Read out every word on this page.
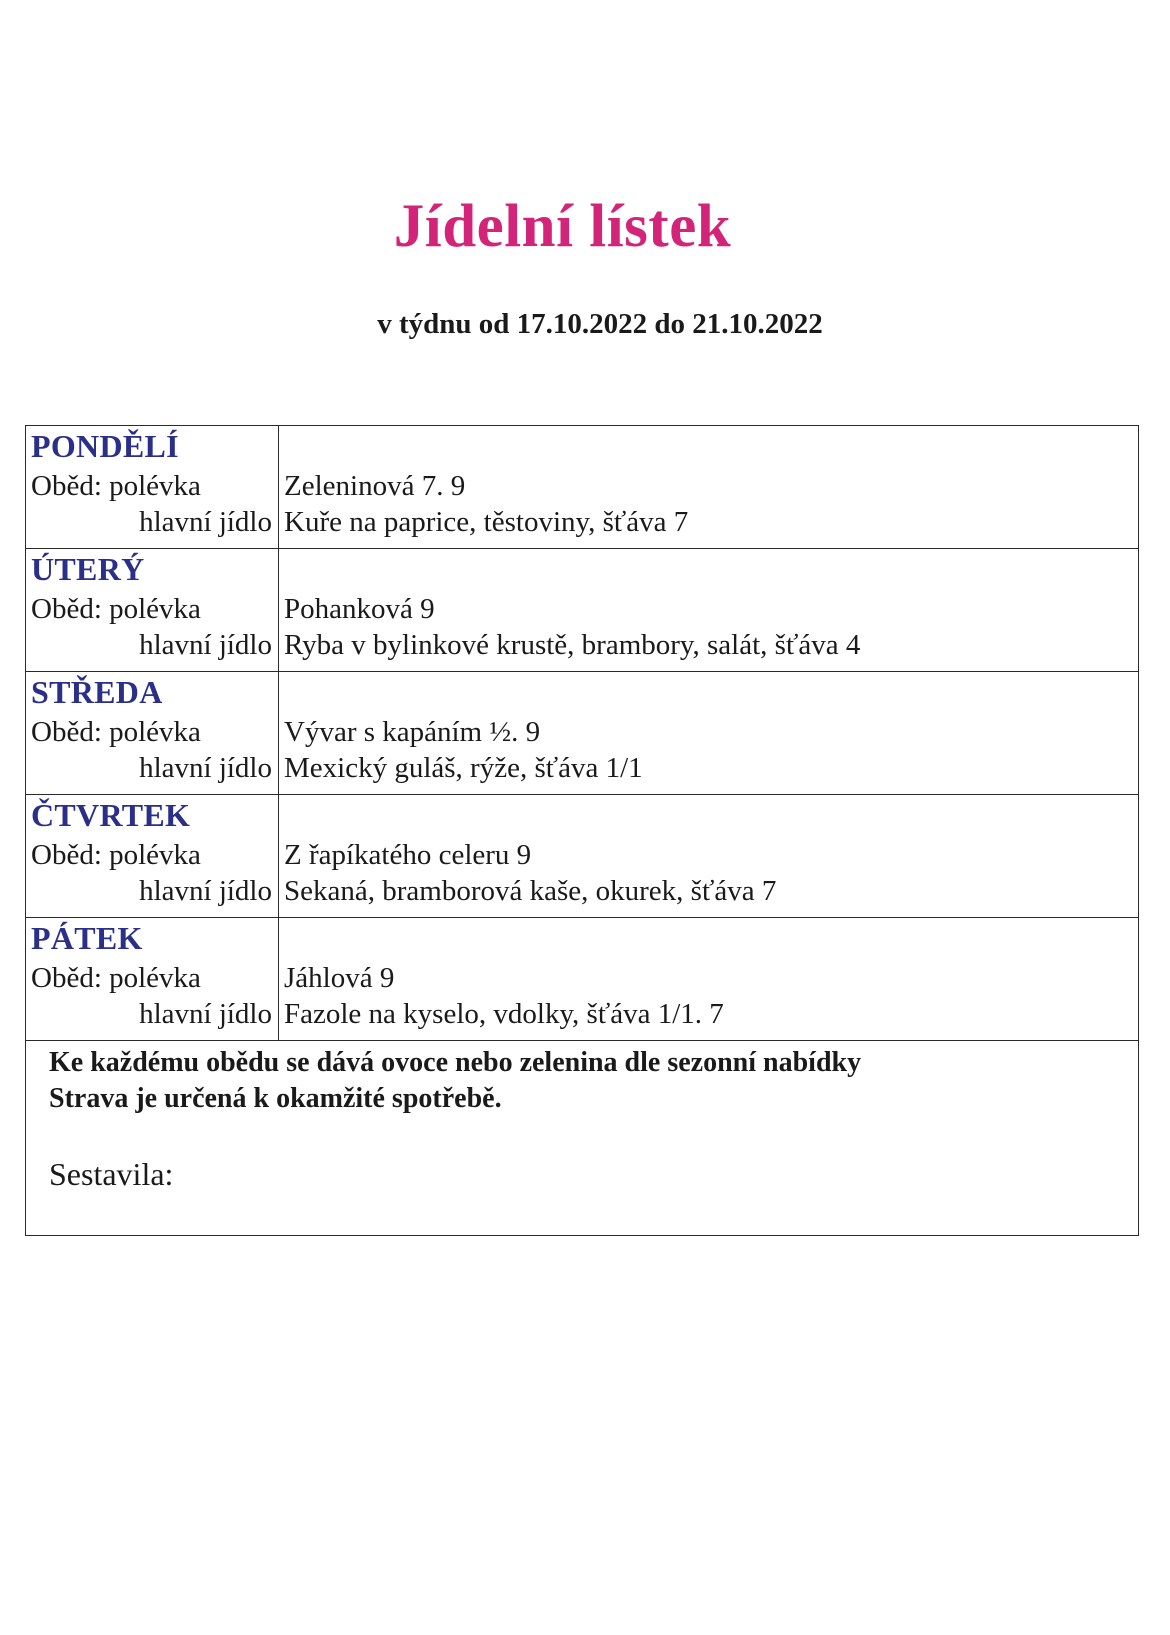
Jídelní lístek
v týdnu od 17.10.2022 do 21.10.2022
PONDĚLÍ
Oběd: polévka
hlavní jídlo
Zeleninová 7. 9
Kuře na paprice, těstoviny, šťáva 7
ÚTERÝ
Oběd: polévka
hlavní jídlo
Pohanková 9
Ryba v bylinkové krustě, brambory, salát, šťáva 4
STŘEDA
Oběd: polévka
hlavní jídlo
Vývar s kapáním ½. 9
Mexický guláš, rýže, šťáva 1/1
ČTVRTEK
Oběd: polévka
hlavní jídlo
Z řapíkatého celeru 9
Sekaná, bramborová kaše, okurek, šťáva 7
PÁTEK
Oběd: polévka
hlavní jídlo
Jáhlová 9
Fazole na kyselo, vdolky, šťáva 1/1. 7
Ke každému obědu se dává ovoce nebo zelenina dle sezonní nabídky
Strava je určená k okamžité spotřebě.
Sestavila:
